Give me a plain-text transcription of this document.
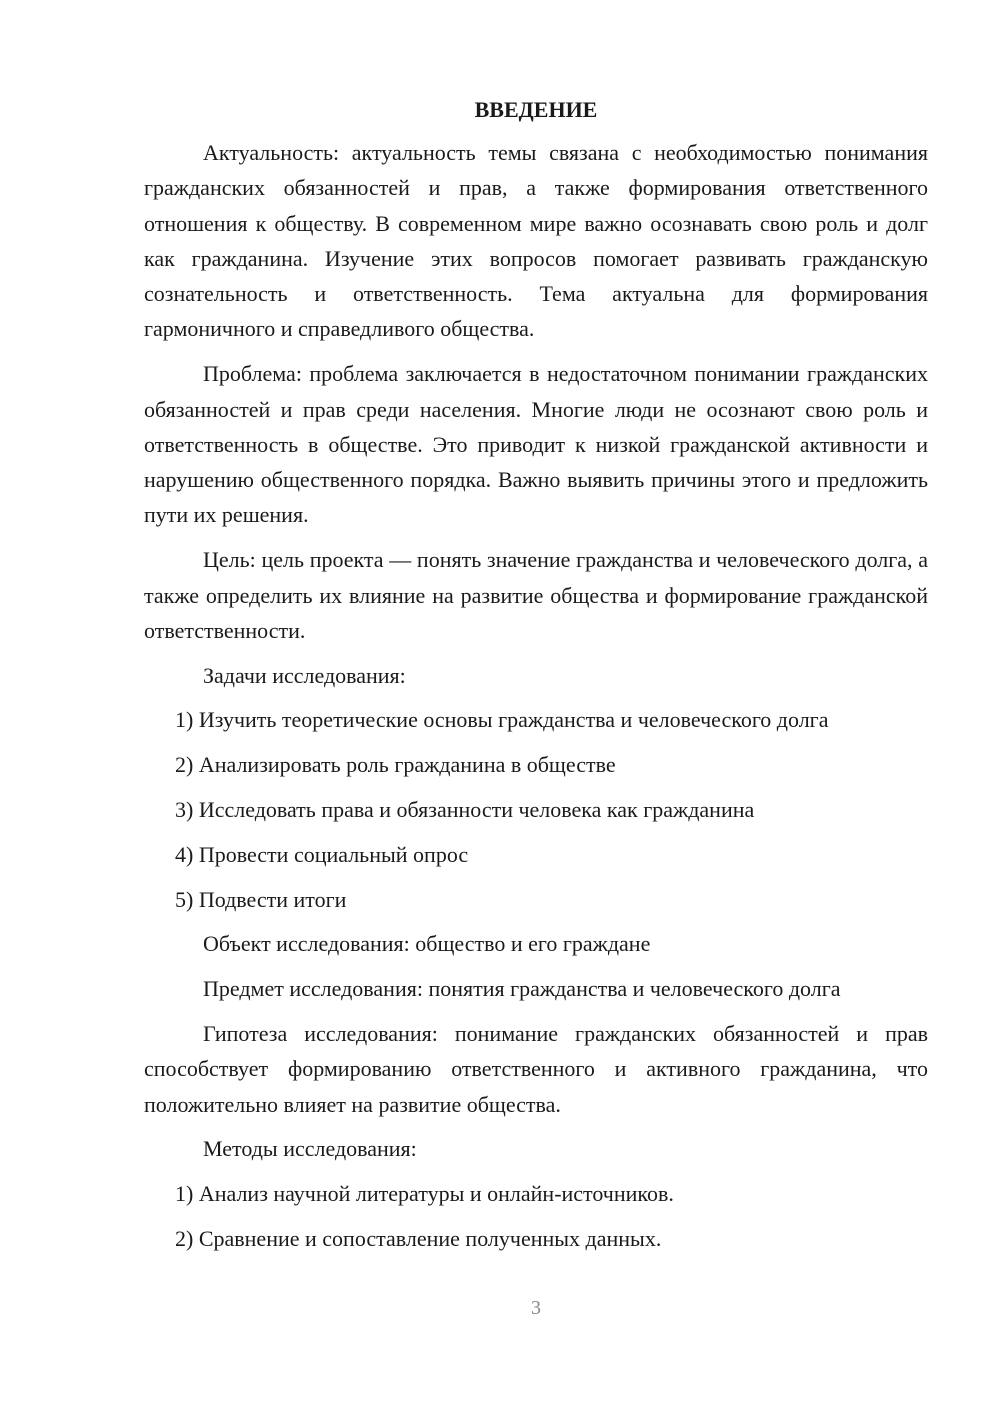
ВВЕДЕНИЕ

Актуальность: актуальность темы связана с необходимостью понимания гражданских обязанностей и прав, а также формирования ответственного отношения к обществу. В современном мире важно осознавать свою роль и долг как гражданина. Изучение этих вопросов помогает развивать гражданскую сознательность и ответственность. Тема актуальна для формирования гармоничного и справедливого общества.

Проблема: проблема заключается в недостаточном понимании гражданских обязанностей и прав среди населения. Многие люди не осознают свою роль и ответственность в обществе. Это приводит к низкой гражданской активности и нарушению общественного порядка. Важно выявить причины этого и предложить пути их решения.

Цель: цель проекта — понять значение гражданства и человеческого долга, а также определить их влияние на развитие общества и формирование гражданской ответственности.

Задачи исследования:
1) Изучить теоретические основы гражданства и человеческого долга
2) Анализировать роль гражданина в обществе
3) Исследовать права и обязанности человека как гражданина
4) Провести социальный опрос
5) Подвести итоги
Объект исследования: общество и его граждане
Предмет исследования: понятия гражданства и человеческого долга

Гипотеза исследования: понимание гражданских обязанностей и прав способствует формированию ответственного и активного гражданина, что положительно влияет на развитие общества.

Методы исследования:
1) Анализ научной литературы и онлайн-источников.
2) Сравнение и сопоставление полученных данных.
3
